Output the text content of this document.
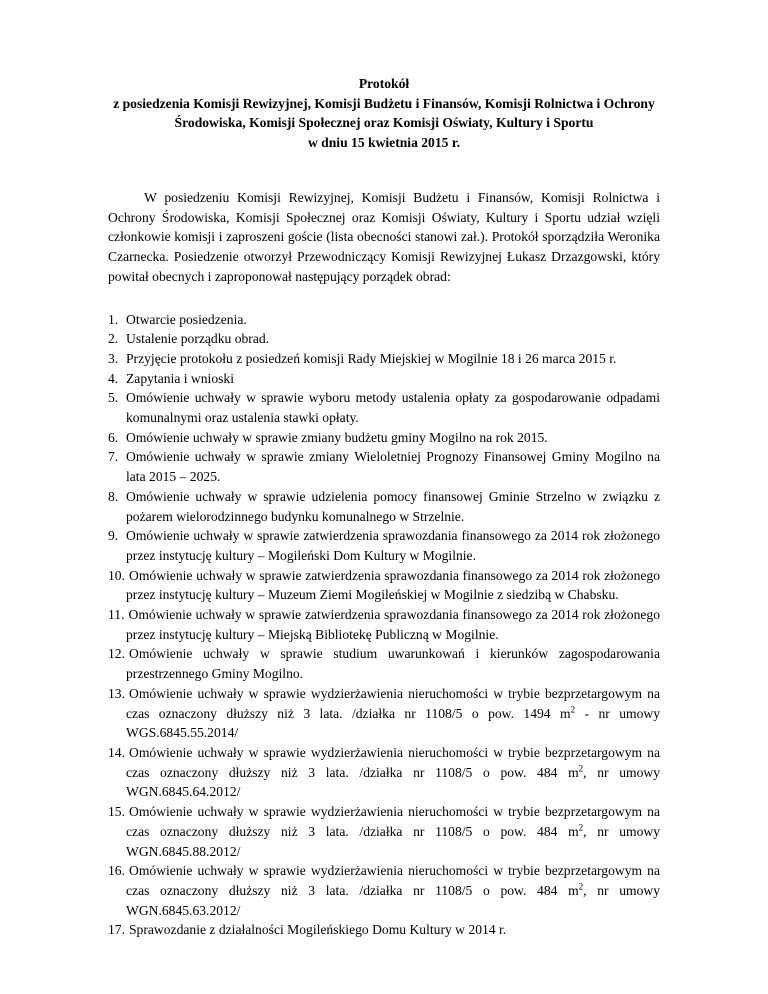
Protokół
z posiedzenia Komisji Rewizyjnej, Komisji Budżetu i Finansów, Komisji Rolnictwa i Ochrony
Środowiska, Komisji Społecznej oraz Komisji Oświaty, Kultury i Sportu
w dniu 15 kwietnia 2015 r.

W posiedzeniu Komisji Rewizyjnej, Komisji Budżetu i Finansów, Komisji Rolnictwa i Ochrony Środowiska, Komisji Społecznej oraz Komisji Oświaty, Kultury i Sportu udział wzięli członkowie komisji i zaproszeni goście (lista obecności stanowi zał.). Protokół sporządziła Weronika Czarnecka. Posiedzenie otworzył Przewodniczący Komisji Rewizyjnej Łukasz Drzazgowski, który powitał obecnych i zaproponował następujący porządek obrad:

1. Otwarcie posiedzenia.
2. Ustalenie porządku obrad.
3. Przyjęcie protokołu z posiedzeń komisji Rady Miejskiej w Mogilnie 18 i 26 marca 2015 r.
4. Zapytania i wnioski
5. Omówienie uchwały w sprawie wyboru metody ustalenia opłaty za gospodarowanie odpadami komunalnymi oraz ustalenia stawki opłaty.
6. Omówienie uchwały w sprawie zmiany budżetu gminy Mogilno na rok 2015.
7. Omówienie uchwały w sprawie zmiany Wieloletniej Prognozy Finansowej Gminy Mogilno na lata 2015 – 2025.
8. Omówienie uchwały w sprawie udzielenia pomocy finansowej Gminie Strzelno w związku z pożarem wielorodzinnego budynku komunalnego w Strzelnie.
9. Omówienie uchwały w sprawie zatwierdzenia sprawozdania finansowego za 2014 rok złożonego przez instytucję kultury – Mogileński Dom Kultury w Mogilnie.
10. Omówienie uchwały w sprawie zatwierdzenia sprawozdania finansowego za 2014 rok złożonego przez instytucję kultury – Muzeum Ziemi Mogileńskiej w Mogilnie z siedzibą w Chabsku.
11. Omówienie uchwały w sprawie zatwierdzenia sprawozdania finansowego za 2014 rok złożonego przez instytucję kultury – Miejską Bibliotekę Publiczną w Mogilnie.
12. Omówienie uchwały w sprawie studium uwarunkowań i kierunków zagospodarowania przestrzennego Gminy Mogilno.
13. Omówienie uchwały w sprawie wydzierżawienia nieruchomości w trybie bezprzetargowym na czas oznaczony dłuższy niż 3 lata. /działka nr 1108/5 o pow. 1494 $m^2$ - nr umowy WGS.6845.55.2014/
14. Omówienie uchwały w sprawie wydzierżawienia nieruchomości w trybie bezprzetargowym na czas oznaczony dłuższy niż 3 lata. /działka nr 1108/5 o pow. 484 $m^2$, nr umowy WGN.6845.64.2012/
15. Omówienie uchwały w sprawie wydzierżawienia nieruchomości w trybie bezprzetargowym na czas oznaczony dłuższy niż 3 lata. /działka nr 1108/5 o pow. 484 $m^2$, nr umowy WGN.6845.88.2012/
16. Omówienie uchwały w sprawie wydzierżawienia nieruchomości w trybie bezprzetargowym na czas oznaczony dłuższy niż 3 lata. /działka nr 1108/5 o pow. 484 $m^2$, nr umowy WGN.6845.63.2012/
17. Sprawozdanie z działalności Mogileńskiego Domu Kultury w 2014 r.
